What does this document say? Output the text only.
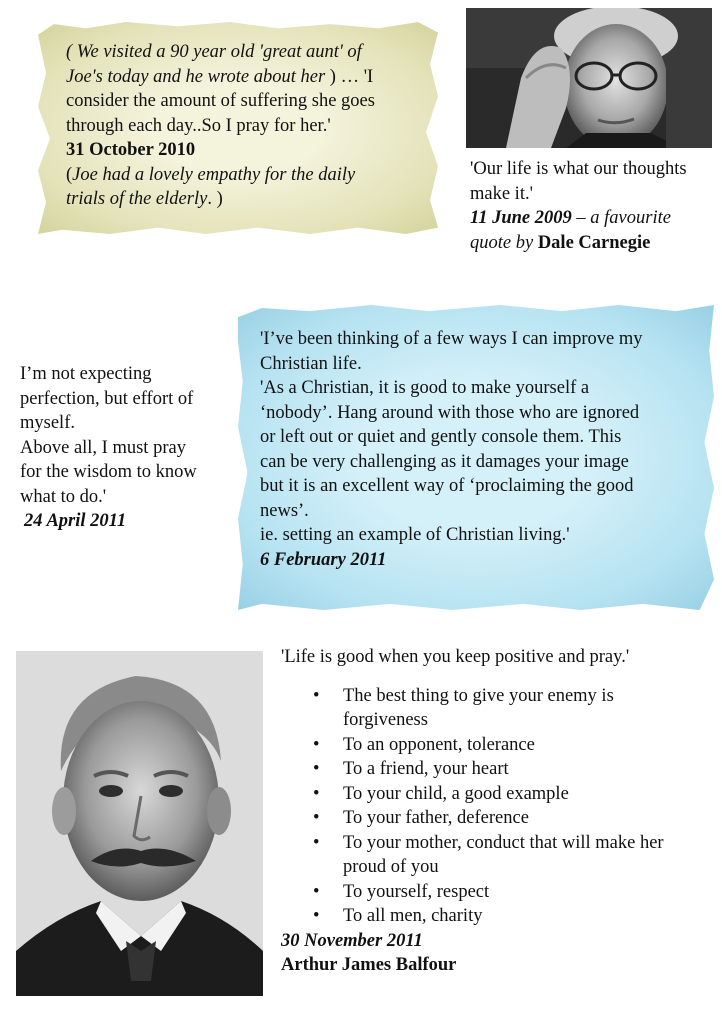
( We visited a 90 year old 'great aunt' of
Joe's today and he wrote about her ) … 'I
consider the amount of suffering she goes
through each day..So I pray for her.'
31 October 2010
(Joe had a lovely empathy for the daily
trials of the elderly. )
'Our life is what our thoughts
make it.'
11 June 2009 – a favourite
quote by Dale Carnegie
I’m not expecting
perfection, but effort of
myself.
Above all, I must pray
for the wisdom to know
what to do.'
24 April 2011
'I’ve been thinking of a few ways I can improve my
Christian life.
'As a Christian, it is good to make yourself a
‘nobody’. Hang around with those who are ignored
or left out or quiet and gently console them. This
can be very challenging as it damages your image
but it is an excellent way of ‘proclaiming the good
news’.
ie. setting an example of Christian living.'
6 February 2011
'Life is good when you keep positive and pray.'
• The best thing to give your enemy is
forgiveness
• To an opponent, tolerance
• To a friend, your heart
• To your child, a good example
• To your father, deference
• To your mother, conduct that will make her
proud of you
• To yourself, respect
• To all men, charity
30 November 2011
Arthur James Balfour
